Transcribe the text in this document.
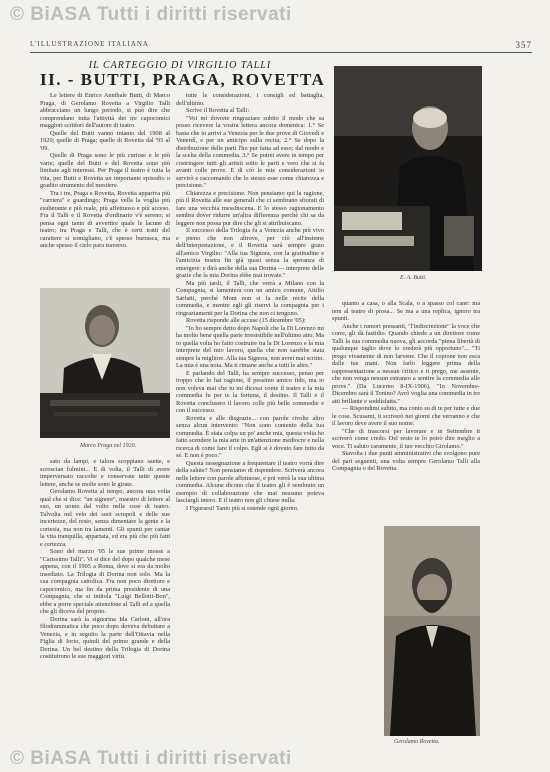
© BiASA Tutti i diritti riservati
L'ILLUSTRAZIONE ITALIANA	357
IL CARTEGGIO DI VIRGILIO TALLI
II. - BUTTI, PRAGA, ROVETTA

Le lettere di Enrico Annibale Butti, di Marco Praga, di Gerolamo Rovetta a Virgilio Talli abbracciano un lungo periodo, si può dire che comprendano tutta l'attività dei tre capocomici maggiori scrittori dell'autore di teatro.

Quelle del Butti vanno intanto del 1908 al 1920; quelle di Praga; quelle di Rovetta dal '95 al '09.

Quelle di Praga sono le più curiose e le più varie; quelle del Butti e del Rovetta sono più limitate agli interessi. Per Praga il teatro è tutta la vita, per Butti e Rovetta un importante episodio o gradito strumento del mestiere.

Tra i tre, Praga e Rovetta, Rovetta appariva più "carriera" e guardingo; Praga vella la voglia più esuberante e più reale, più affettuoso e più acceso. Fra il Talli e il Rovetta d'ordinario v'è sereno; si pensa ogni tanto di avvertire quale le lacune di teatro; tra Praga e Talli, che è certi tratti del carattere si somigliano, c'è spesso burrasca, ma anche spesso il cielo para traverso.

Marco Praga nel 1920.

sato da lampi, e talora scoppiano saette, e scroscian fulmini... E di volta, il Talli di avere imperversato raccolte e conservate tutte queste lettere, anche se molte sono le girate.

Gerolamo Rovetta al tempo, ancora una volta qual che si dice: "un signore", maestro di lettere al suo, un uomo dal volto nelle cose di teatro. Talvolta nel velo dei suoi scrupoli e delle sue incertezze, del resto, senza dimentare la gente e la cortesia, ma non tra lamenti. Gli spunti per cantar la vita tranquilla, appartata, ed era più che più fatti e certezza.

Sono del marzo '95 le sue prime mosse a "Carissimo Talli". Vi si dice del dopo qualche mese appena, con il 1905 a Roma, dove si era da molto insediato. La Trilogia di Dorina non solo. Ma la sua compagnia cattolica. Fra non poco direttore e capocomico, ma fin da prima presidente di una Compagnia, che si intitola "Luigi Bellotti-Bon", ebbe a porre speciale attenzione al Talli ed a quella che gli diceva del proprio.

Dorina sarà la signorina Ida Carloni, all'ora filodrammatica che poco dopo doveva debuttare a Venezia, e in seguito la parte dell'Ottavia nella Figlia di Iorio, quindi del primo grande e della Dorina. Un bel destino della Trilogia di Dorina costituirono le sue maggiori virtù.

tutte le considerazioni, i consigli ed battaglia, dell'ultimo.

Scrive il Rovetta al Talli:

"Voi mi dovrete ringraziare subito il modo che sa posso ricevere la vostra lettera ancora domenica: 1.° Se basta che io arrivi a Venezia per le due prove di Giovedì e Venerdì, e per un anticipo sulla recita; 2.° Se dopo la distribuzione delle parti l'ho pur fatta ad esso; dal modo e la scelta della commedia. 3.° Se potrei avere in tempo per costringere tutti gli artisti sotto le parti e vero che si fa avanti colle prove. E di ciò le mie considerazioni io servirò e raccomando che lo stesso esse come chiarezza e precisione."

Chiarezza e precisione. Non pensiamo qui la ragione, più il Rovetta alle sue generali che ci sembrano sfiorati di fare una vecchia messinscena. E lo stesso ragionamento sembra dover ridurre un'altra differenza perchè chi sa da leggere non possa pur dire che gli si attribuiscano.

Il successo della Trilogia fu a Venezia anche più vivo e pieno che non altrove, per ciò all'insieme dell'interpretazione, e il Rovetta sarà sempre grato all'amico Virgilio: "Alla tua Signora, con la gratitudine e l'amicizia nostra fin già quasi senza la speranza di emergere: e dirà anche della sua Dorina — interprete delle grazie che la mia Dorina ebbe mai trovate."

Ma più tardi, il Talli, che verrà a Milano con la Compagnia, si lamenterà con un amico comune, Attilio Sarfatti, perché Mont non si fa nelle recite della commedia, e mentre egli gli riservi la compagnia per i ringraziamenti per la Dorina che non ci tengono.

Rovetta risponde alle accuse (15 dicembre '05):

"Io ho sempre detto dopo Napoli che la Di Lorenzo mi ha molto bene quella parte irresistibile nell'ultimo atto. Ma io quella volta ho fatto costruire tra la Di Lorenzo e la mia interprete del mio lavoro, quella che non sarebbe stata sempre la migliore. Alla tua Signora, non avrei mai scritto. La mia è una nota. Ma ti rimane anche a tutti le altre."

E parlando del Talli, ha sempre successo, penso per troppo che lo hai ragione, il pessimo amico fido, ma io non voleva mai che tu mi dicessi come il teatro e la mia commedia fu per te la fortuna, il destino. Il Talli e il Rovetta conclusero il lavoro colle più belle commedie e con il successo.

Rovetta e alle disgrazie... con parole rivolte altro senza alcun intervento: "Non sono contento della tua commedia. È stata colpa un po' anche mia, questa volta ho fatto scendere la mia arte in un'attenzione mediocre e nella ricerca di come fare il colpo. Egli si è dovuto fare tutto da sé. E non è poco."

Questa rassegnazione a frequentare il teatro vorrà dire della salute? Non pensiamo di rispondere. Scriverà ancora nelle lettere con parole affettuose, e poi verrà la sua ultima commedia. Alcune dicono che il teatro gli è sembrato un esempio di collaborazione che mai nessuno poteva lasciargli intero. E il teatro non gli chiese nulla.

I Figurarsi! Tanto più si estende ogni giorno.

E. A. Butti.

quanto a casa, o alla Scala, o a spasso col cane: ma non al teatro di prosa... Se ma a una replica, ignoro tra spunti.

Anche i rumori pressanti, "l'indiscrezione" la voce che corre, gli dà fastidio. Quando chiede a un direttore come Talli la sua commedia nuova, gli accorda "piena libertà di qualunque taglio dove lo crederà più opportuno"... "Ti prego vivamente di non farvene. Che il copione non esca dalle tue mani. Non farlo leggere prima della rappresentazione a nessun critico e ti prego, me assente, che non venga nessun estraneo a sentire la commedia alle prove." (Da Lucerno 8-IX-1906). "In Novembre-Dicembre sarà il Tonino? Avrò voglia una commedia in tre atti brillante e soddisfatta."

— Rispondimi subito, ma conto su di te per tutte e due le cose. Scusami, ti scriverò nei giorni che verranno e che il lavoro deve avere il suo nome.

"Che di trascorsi per lavorare e in Settembre ti scriverò come credo. Del resto te lo potrò dire meglio a voce. Ti saluto caramente, il tuo vecchio Girolamo."

Stavolta i due punti amministrativi che svolgono pure del pari seguenti, una volta sempre Gerolamo Talli alla Compagnia o del Rovetta.

Gerolamo Rovetta.
© BiASA Tutti i diritti riservati
